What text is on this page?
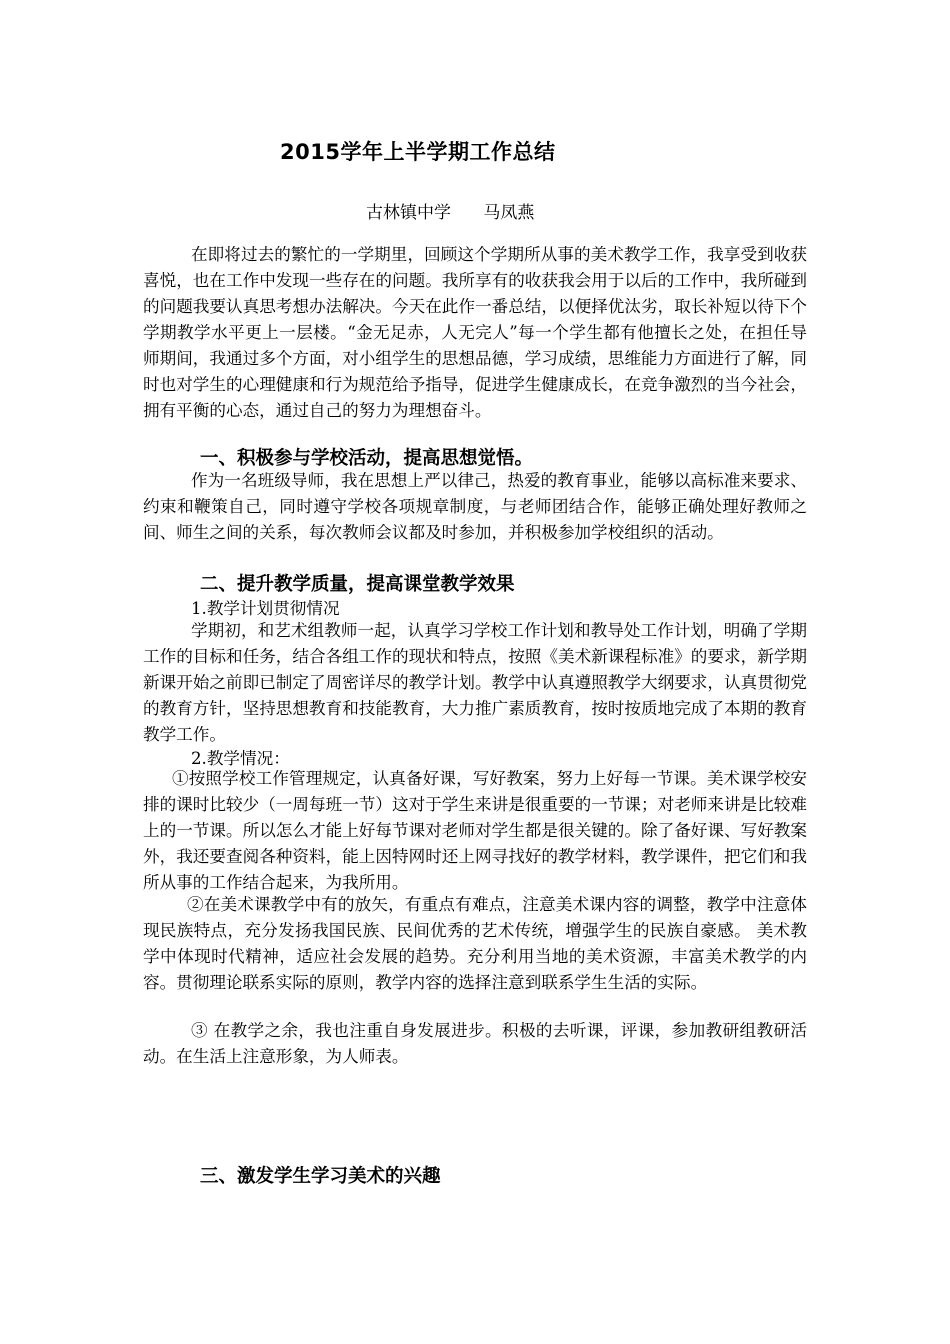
2015学年上半学期工作总结
古林镇中学      马凤燕

在即将过去的繁忙的一学期里，回顾这个学期所从事的美术教学工作，我享受到收获喜悦，也在工作中发现一些存在的问题。我所享有的收获我会用于以后的工作中，我所碰到的问题我要认真思考想办法解决。今天在此作一番总结，以便择优汰劣，取长补短以待下个学期教学水平更上一层楼。“金无足赤，人无完人”每一个学生都有他擅长之处，在担任导师期间，我通过多个方面，对小组学生的思想品德，学习成绩，思维能力方面进行了解，同时也对学生的心理健康和行为规范给予指导，促进学生健康成长，在竞争激烈的当今社会，拥有平衡的心态，通过自己的努力为理想奋斗。

一、积极参与学校活动，提高思想觉悟。

作为一名班级导师，我在思想上严以律己，热爱的教育事业，能够以高标准来要求、约束和鞭策自己，同时遵守学校各项规章制度，与老师团结合作，能够正确处理好教师之间、师生之间的关系，每次教师会议都及时参加，并积极参加学校组织的活动。

二、提升教学质量，提高课堂教学效果
1.教学计划贯彻情况

学期初，和艺术组教师一起，认真学习学校工作计划和教导处工作计划，明确了学期工作的目标和任务，结合各组工作的现状和特点，按照《美术新课程标准》的要求，新学期新课开始之前即已制定了周密详尽的教学计划。教学中认真遵照教学大纲要求，认真贯彻党的教育方针，坚持思想教育和技能教育，大力推广素质教育，按时按质地完成了本期的教育教学工作。

2.教学情况：

①按照学校工作管理规定，认真备好课，写好教案，努力上好每一节课。美术课学校安排的课时比较少（一周每班一节）这对于学生来讲是很重要的一节课；对老师来讲是比较难上的一节课。所以怎么才能上好每节课对老师对学生都是很关键的。除了备好课、写好教案外，我还要查阅各种资料，能上因特网时还上网寻找好的教学材料，教学课件，把它们和我所从事的工作结合起来，为我所用。

②在美术课教学中有的放矢，有重点有难点，注意美术课内容的调整，教学中注意体现民族特点，充分发扬我国民族、民间优秀的艺术传统，增强学生的民族自豪感。 美术教学中体现时代精神，适应社会发展的趋势。充分利用当地的美术资源，丰富美术教学的内容。贯彻理论联系实际的原则，教学内容的选择注意到联系学生生活的实际。

③ 在教学之余，我也注重自身发展进步。积极的去听课，评课，参加教研组教研活动。在生活上注意形象，为人师表。

三、激发学生学习美术的兴趣
